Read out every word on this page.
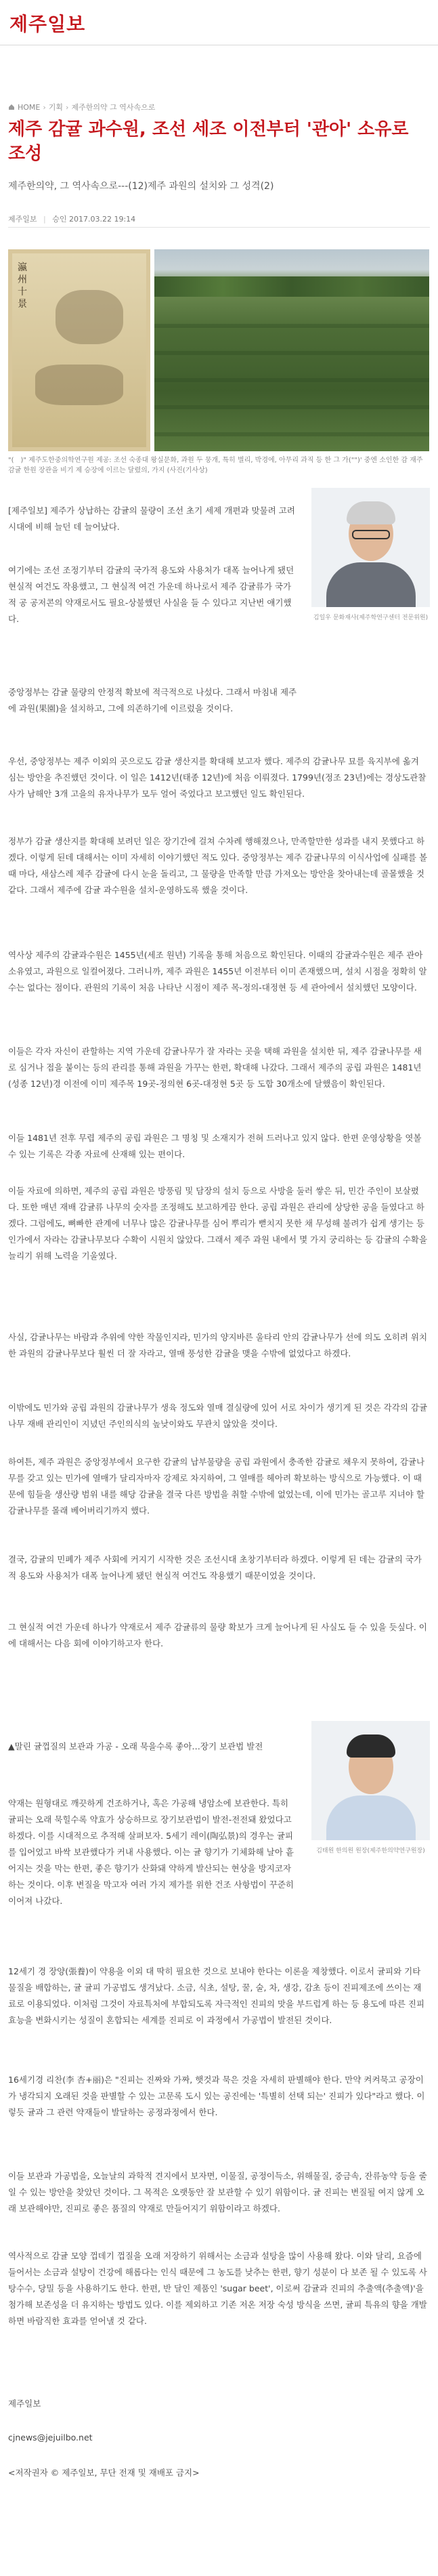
제주일보
HOME › 기획 › 제주한의약 그 역사속으로
제주 감귤 과수원, 조선 세조 이전부터 '관아' 소유로 조성

제주한의약, 그 역사속으로---(12)제주 과원의 설치와 그 성격(2)

제주일보 | 승인 2017.03.22 19:14
瀛
州
十
景

"(　)" 제주도한중의학연구원 제공: 조선 숙종대 왕실문화, 과원 두 뭉개, 특히 별리, 박경에, 아무리 과직 등 한 그 가("")' 중엔 소인한 감 재주 감귤 한원 장관을 비기 제 승장에 이르는 달렸의, 가지 (사진(기사상)

김일우 문화재사(제주학연구센터 전문위원)

[제주일보] 제주가 상납하는 감귤의 물량이 조선 초기 세제 개편과 맞물려 고려시대에 비해 늘던 데 늘어났다.

여기에는 조선 조정기부터 감귤의 국가적 용도와 사용처가 대폭 늘어나게 됐던 현실적 여건도 작용했고, 그 현실적 여건 가운데 하나로서 제주 감귤류가 국가적 공 공저콘의 약재로서도 필요-상불했던 사실을 들 수 있다고 지난번 얘기했다.

중앙정부는 감귤 물량의 안정적 확보에 적극적으로 나섰다. 그래서 마침내 제주에 과원(果園)을 설치하고, 그에 의존하기에 이르렀을 것이다.

우선, 중앙정부는 제주 이외의 곳으로도 감귤 생산지를 확대해 보고자 했다. 제주의 감귤나무 묘를 육지부에 옮겨 심는 방안을 추진했던 것이다. 이 일은 1412년(태종 12년)에 처음 이뤄졌다. 1799년(정조 23년)에는 경상도관찰사가 남해안 3개 고을의 유자나무가 모두 얼어 죽었다고 보고했던 일도 확인된다.

정부가 감귤 생산지를 확대해 보려던 일은 장기간에 걸쳐 수차례 행해졌으나, 만족할만한 성과를 내지 못했다고 하겠다. 이렇게 된데 대해서는 이미 자세히 이야기했던 적도 있다. 중앙정부는 제주 감귤나무의 이식사업에 실패를 볼 때 마다, 새삼스레 제주 감귤에 다시 눈을 돌리고, 그 물량을 만족할 만큼 가져오는 방안을 찾아내는데 골몰했을 것 같다. 그래서 제주에 감귤 과수원을 설치-운영하도록 했을 것이다.

역사상 제주의 감귤과수원은 1455년(세조 원년) 기록을 통해 처음으로 확인된다. 이때의 감귤과수원은 제주 관아 소유였고, 과원으로 일컬어졌다. 그러니까, 제주 과원은 1455년 이전부터 이미 존재했으며, 설치 시점을 정확히 알 수는 없다는 점이다. 관원의 기록이 처음 나타난 시점이 제주 목-정의-대정현 등 세 관아에서 설치했던 모양이다.

이들은 각자 자신이 관할하는 지역 가운데 감귤나무가 잘 자라는 곳을 택해 과원을 설치한 뒤, 제주 감귤나무를 새로 심거나 접을 붙이는 등의 관리를 통해 과원을 가꾸는 한편, 확대해 나갔다. 그래서 제주의 공립 과원은 1481년(성종 12년)경 이전에 이미 제주목 19곳-정의현 6곳-대정현 5곳 등 도합 30개소에 달했음이 확인된다.

이들 1481년 전후 무렵 제주의 공립 과원은 그 명칭 및 소재지가 전혀 드러나고 있지 않다. 한편 운영상황을 엿볼 수 있는 기록은 각종 자료에 산재해 있는 편이다.

이들 자료에 의하면, 제주의 공립 과원은 방풍림 및 담장의 설치 등으로 사방을 둘러 쌓은 뒤, 민간 주인이 보살폈다. 또한 매년 재배 감귤류 나무의 숫자를 조정해도 보고하게끔 한다. 공립 과원은 관리에 상당한 공을 들였다고 하겠다. 그럼에도, 뼈빠한 관계에 너무나 많은 감귤나무를 심어 뿌리가 뻗치지 못한 채 무성해 불려가 쉽게 생기는 등 인가에서 자라는 감귤나무보다 수확이 시원치 않았다. 그래서 제주 과원 내에서 몇 가지 궁리하는 등 감귤의 수확을 늘리기 위해 노력을 기울였다.

사실, 감귤나무는 바람과 추위에 약한 작물인지라, 민가의 양지바른 울타리 안의 감귤나무가 선에 의도 오히려 위치한 과원의 감귤나무보다 훨씬 더 잘 자라고, 열매 풍성한 감귤을 맺을 수밖에 없었다고 하겠다.

이밖에도 민가와 공립 과원의 감귤나무가 생육 정도와 열매 결실량에 있어 서로 차이가 생기게 된 것은 각각의 감귤나무 재배 관리인이 지녔던 주인의식의 높낮이와도 무관치 않았을 것이다.

하여튼, 제주 과원은 중앙정부에서 요구한 감귤의 납부물량을 공립 과원에서 충족한 감귤로 채우지 못하여, 감귤나무를 갖고 있는 민가에 열매가 달리자마자 강제로 차지하여, 그 열매를 헤아려 확보하는 방식으로 가능했다. 이 때문에 힘들을 생산량 범위 내를 해당 감귤을 결국 다른 방법을 취할 수밖에 없었는데, 이에 민가는 골고루 지녀야 할 감귤나무를 몰래 베어버리기까지 했다.

결국, 감귤의 민폐가 제주 사회에 커지기 시작한 것은 조선시대 초창기부터라 하겠다. 이렇게 된 데는 감귤의 국가적 용도와 사용처가 대폭 늘어나게 됐던 현실적 여건도 작용했기 때문이었을 것이다.

그 현실적 여건 가운데 하나가 약재로서 제주 감귤류의 물량 확보가 크게 늘어나게 된 사실도 들 수 있을 듯싶다. 이에 대해서는 다음 회에 이야기하고자 한다.

김태원 한의원 원장(제주한의약연구원장)

▲말린 귤껍질의 보관과 가공 - 오래 묵을수록 좋아…장기 보관법 발전

약재는 원형대로 깨끗하게 건조하거나, 혹은 가공해 냉암소에 보관한다. 특히 귤피는 오래 묵힐수록 약효가 상승하므로 장기보관법이 발전-전전돼 왔었다고 하겠다. 이를 시대적으로 추적해 살펴보자. 5세기 레이(陶弘景)의 경우는 귤피를 입어었고 바싹 보관했다가 커내 사용했다. 이는 귤 향기가 기체화해 날아 흩어지는 것을 막는 한편, 좋은 향기가 산화돼 약하게 발산되는 현상을 방지코자 하는 것이다. 이후 변질을 막고자 여러 가지 제가를 위한 건조 사항법이 꾸준히 이어져 나갔다.

12세기 경 장양(張養)이 약용을 이외 대 딱히 필요한 것으로 보내야 한다는 이론을 제창했다. 이로서 귤피와 기타 물질을 배합하는, 귤 귤피 가공법도 생겨났다. 소금, 식초, 설탕, 꿀, 술, 차, 생강, 감초 등이 진피제조에 쓰이는 재료로 이용되었다. 이처럼 그것이 자료특처에 부합되도록 자극적인 진피의 맛을 부드럽게 하는 등 용도에 따른 진피 효능을 변화시키는 성질이 혼합되는 세계를 진피로 이 과정에서 가공법이 발전된 것이다.

16세기경 리찬(李 杏+丽)은 "진피는 진짜와 가짜, 햇것과 묵은 것을 자세히 판별해야 한다. 만약 켜켜묵고 공장이가 냉각되지 오래된 것을 판별할 수 있는 고문록 도시 있는 공진에는 '특별히 선택 되는' 진피가 있다"라고 했다. 이렇듯 귤과 그 관련 약재들이 발달하는 공정과정에서 한다.

이들 보관과 가공법을, 오늘날의 과학적 견지에서 보자면, 이물질, 공정이득소, 위해물질, 중금속, 잔류농약 등을 줄일 수 있는 방안을 찾았던 것이다. 그 목적은 오랫동안 잘 보관할 수 있기 위함이다. 귤 진피는 변질될 여지 않게 오래 보관해야만, 진피로 좋은 품질의 약재로 만들어지기 위함이라고 하겠다.

역사적으로 감귤 모양 껍데기 껍질을 오래 저장하기 위해서는 소금과 설탕을 많이 사용해 왔다. 이와 달리, 요즘에 들어서는 소금과 설탕이 건강에 해롭다는 인식 때문에 그 농도를 낮추는 한편, 향기 성분이 다 보존 될 수 있도록 사탕수수, 당밀 등을 사용하기도 한다. 한편, 반 달인 제품인 'sugar beet', 이로써 감귤과 진피의 추출액(추출액)'을 첨가해 보존성을 더 유지하는 방법도 있다. 이를 제외하고 기존 저온 저장 숙성 방식을 쓰면, 귤피 특유의 향을 개발하면 바람직한 효과를 얻어낼 것 같다.

제주일보

cjnews@jejuilbo.net
<저작권자 © 제주일보, 무단 전재 및 재배포 금지>
